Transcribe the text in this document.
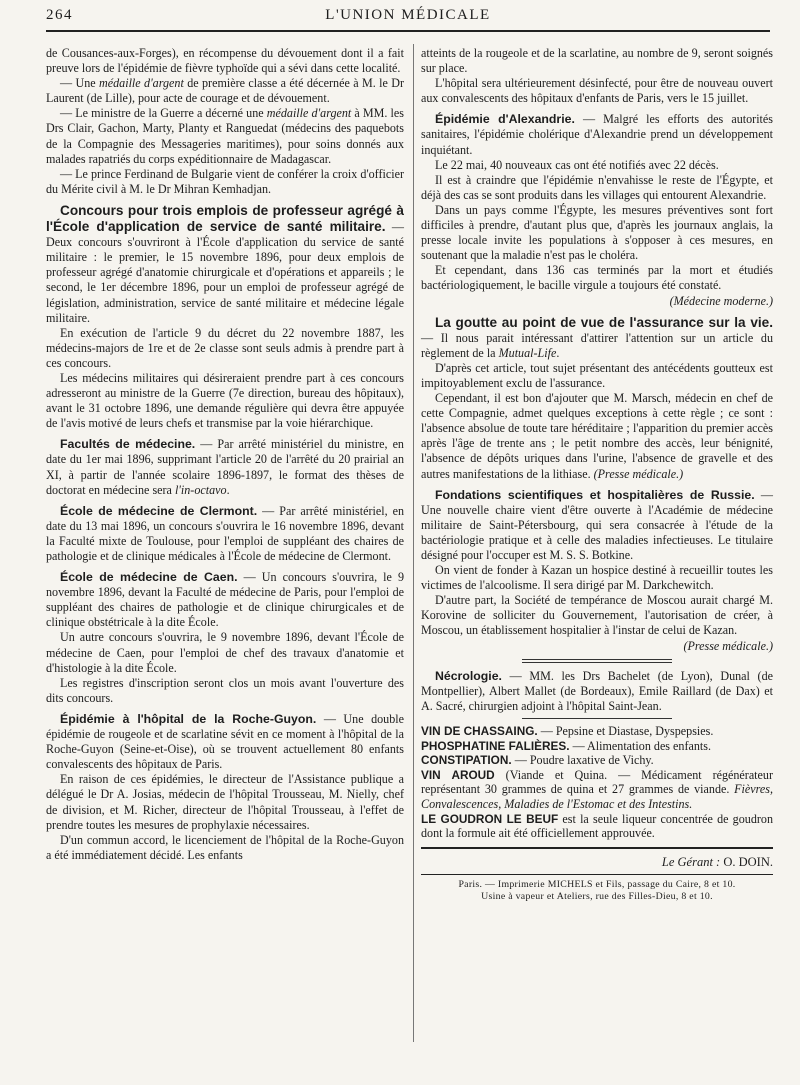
264	L'UNION MÉDICALE

de Cousances-aux-Forges), en récompense du dévouement dont il a fait preuve lors de l'épidémie de fièvre typhoïde qui a sévi dans cette localité.

— Une médaille d'argent de première classe a été décernée à M. le Dr Laurent (de Lille), pour acte de courage et de dévouement.

— Le ministre de la Guerre a décerné une médaille d'argent à MM. les Drs Clair, Gachon, Marty, Planty et Ranguedat (médecins des paquebots de la Compagnie des Messageries maritimes), pour soins donnés aux malades rapatriés du corps expéditionnaire de Madagascar.

— Le prince Ferdinand de Bulgarie vient de conférer la croix d'officier du Mérite civil à M. le Dr Mihran Kemhadjan.

Concours pour trois emplois de professeur agrégé à l'École d'application de service de santé militaire. — Deux concours s'ouvriront à l'École d'application du service de santé militaire : le premier, le 15 novembre 1896, pour deux emplois de professeur agrégé d'anatomie chirurgicale et d'opérations et appareils ; le second, le 1er décembre 1896, pour un emploi de professeur agrégé de législation, administration, service de santé militaire et médecine légale militaire.

En exécution de l'article 9 du décret du 22 novembre 1887, les médecins-majors de 1re et de 2e classe sont seuls admis à prendre part à ces concours.

Les médecins militaires qui désireraient prendre part à ces concours adresseront au ministre de la Guerre (7e direction, bureau des hôpitaux), avant le 31 octobre 1896, une demande régulière qui devra être appuyée de l'avis motivé de leurs chefs et transmise par la voie hiérarchique.

Facultés de médecine. — Par arrêté ministériel du ministre, en date du 1er mai 1896, supprimant l'article 20 de l'arrêté du 20 prairial an XI, à partir de l'année scolaire 1896-1897, le format des thèses de doctorat en médecine sera l'in-octavo.

École de médecine de Clermont. — Par arrêté ministériel, en date du 13 mai 1896, un concours s'ouvrira le 16 novembre 1896, devant la Faculté mixte de Toulouse, pour l'emploi de suppléant des chaires de pathologie et de clinique médicales à l'École de médecine de Clermont.

École de médecine de Caen. — Un concours s'ouvrira, le 9 novembre 1896, devant la Faculté de médecine de Paris, pour l'emploi de suppléant des chaires de pathologie et de clinique chirurgicales et de clinique obstétricale à la dite École.

Un autre concours s'ouvrira, le 9 novembre 1896, devant l'École de médecine de Caen, pour l'emploi de chef des travaux d'anatomie et d'histologie à la dite École.

Les registres d'inscription seront clos un mois avant l'ouverture des dits concours.

Épidémie à l'hôpital de la Roche-Guyon. — Une double épidémie de rougeole et de scarlatine sévit en ce moment à l'hôpital de la Roche-Guyon (Seine-et-Oise), où se trouvent actuellement 80 enfants convalescents des hôpitaux de Paris.

En raison de ces épidémies, le directeur de l'Assistance publique a délégué le Dr A. Josias, médecin de l'hôpital Trousseau, M. Nielly, chef de division, et M. Richer, directeur de l'hôpital Trousseau, à l'effet de prendre toutes les mesures de prophylaxie nécessaires.

D'un commun accord, le licenciement de l'hôpital de la Roche-Guyon a été immédiatement décidé. Les enfants

atteints de la rougeole et de la scarlatine, au nombre de 9, seront soignés sur place.

L'hôpital sera ultérieurement désinfecté, pour être de nouveau ouvert aux convalescents des hôpitaux d'enfants de Paris, vers le 15 juillet.

Épidémie d'Alexandrie. — Malgré les efforts des autorités sanitaires, l'épidémie cholérique d'Alexandrie prend un développement inquiétant.

Le 22 mai, 40 nouveaux cas ont été notifiés avec 22 décès.

Il est à craindre que l'épidémie n'envahisse le reste de l'Égypte, et déjà des cas se sont produits dans les villages qui entourent Alexandrie.

Dans un pays comme l'Égypte, les mesures préventives sont fort difficiles à prendre, d'autant plus que, d'après les journaux anglais, la presse locale invite les populations à s'opposer à ces mesures, en soutenant que la maladie n'est pas le choléra.

Et cependant, dans 136 cas terminés par la mort et étudiés bactériologiquement, le bacille virgule a toujours été constaté.
(Médecine moderne.)

La goutte au point de vue de l'assurance sur la vie. — Il nous parait intéressant d'attirer l'attention sur un article du règlement de la Mutual-Life.

D'après cet article, tout sujet présentant des antécédents goutteux est impitoyablement exclu de l'assurance.

Cependant, il est bon d'ajouter que M. Marsch, médecin en chef de cette Compagnie, admet quelques exceptions à cette règle ; ce sont : l'absence absolue de toute tare héréditaire ; l'apparition du premier accès après l'âge de trente ans ; le petit nombre des accès, leur bénignité, l'absence de dépôts uriques dans l'urine, l'absence de gravelle et des autres manifestations de la lithiase. (Presse médicale.)

Fondations scientifiques et hospitalières de Russie. — Une nouvelle chaire vient d'être ouverte à l'Académie de médecine militaire de Saint-Pétersbourg, qui sera consacrée à l'étude de la bactériologie pratique et à celle des maladies infectieuses. Le titulaire désigné pour l'occuper est M. S. S. Botkine.

On vient de fonder à Kazan un hospice destiné à recueillir toutes les victimes de l'alcoolisme. Il sera dirigé par M. Darkchewitch.

D'autre part, la Société de tempérance de Moscou aurait chargé M. Korovine de solliciter du Gouvernement, l'autorisation de créer, à Moscou, un établissement hospitalier à l'instar de celui de Kazan.
(Presse médicale.)

Nécrologie. — MM. les Drs Bachelet (de Lyon), Dunal (de Montpellier), Albert Mallet (de Bordeaux), Emile Raillard (de Dax) et A. Sacré, chirurgien adjoint à l'hôpital Saint-Jean.

VIN DE CHASSAING. — Pepsine et Diastase, Dyspepsies.

PHOSPHATINE FALIÈRES. — Alimentation des enfants.

CONSTIPATION. — Poudre laxative de Vichy.

VIN AROUD (Viande et Quina. — Médicament régénérateur représentant 30 grammes de quina et 27 grammes de viande. Fièvres, Convalescences, Maladies de l'Estomac et des Intestins.

LE GOUDRON LE BEUF est la seule liqueur concentrée de goudron dont la formule ait été officiellement approuvée.

Le Gérant : O. DOIN.
Paris. — Imprimerie MICHELS et Fils, passage du Caire, 8 et 10.
Usine à vapeur et Ateliers, rue des Filles-Dieu, 8 et 10.
